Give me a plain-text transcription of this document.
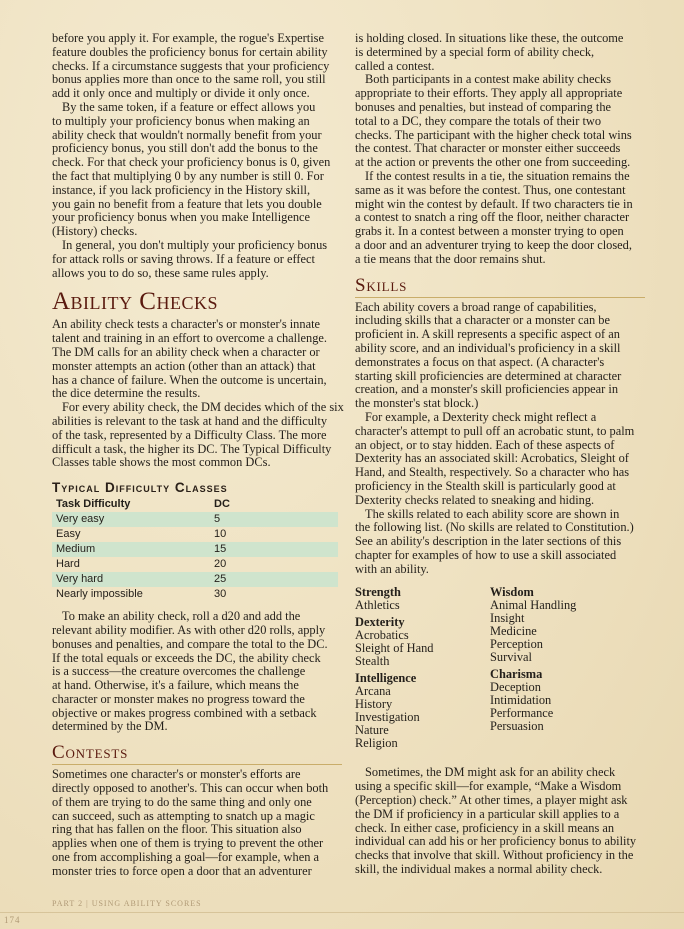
before you apply it. For example, the rogue's Expertise
feature doubles the proficiency bonus for certain ability
checks. If a circumstance suggests that your proficiency
bonus applies more than once to the same roll, you still
add it only once and multiply or divide it only once.

By the same token, if a feature or effect allows you
to multiply your proficiency bonus when making an
ability check that wouldn't normally benefit from your
proficiency bonus, you still don't add the bonus to the
check. For that check your proficiency bonus is 0, given
the fact that multiplying 0 by any number is still 0. For
instance, if you lack proficiency in the History skill,
you gain no benefit from a feature that lets you double
your proficiency bonus when you make Intelligence
(History) checks.

In general, you don't multiply your proficiency bonus
for attack rolls or saving throws. If a feature or effect
allows you to do so, these same rules apply.

Ability Checks

An ability check tests a character's or monster's innate
talent and training in an effort to overcome a challenge.
The DM calls for an ability check when a character or
monster attempts an action (other than an attack) that
has a chance of failure. When the outcome is uncertain,
the dice determine the results.

For every ability check, the DM decides which of the six
abilities is relevant to the task at hand and the difficulty
of the task, represented by a Difficulty Class. The more
difficult a task, the higher its DC. The Typical Difficulty
Classes table shows the most common DCs.

Typical Difficulty Classes
Task Difficulty	DC
Very easy	5
Easy	10
Medium	15
Hard	20
Very hard	25
Nearly impossible	30

To make an ability check, roll a d20 and add the
relevant ability modifier. As with other d20 rolls, apply
bonuses and penalties, and compare the total to the DC.
If the total equals or exceeds the DC, the ability check
is a success—the creature overcomes the challenge
at hand. Otherwise, it's a failure, which means the
character or monster makes no progress toward the
objective or makes progress combined with a setback
determined by the DM.

Contests

Sometimes one character's or monster's efforts are
directly opposed to another's. This can occur when both
of them are trying to do the same thing and only one
can succeed, such as attempting to snatch up a magic
ring that has fallen on the floor. This situation also
applies when one of them is trying to prevent the other
one from accomplishing a goal—for example, when a
monster tries to force open a door that an adventurer

is holding closed. In situations like these, the outcome
is determined by a special form of ability check,
called a contest.

Both participants in a contest make ability checks
appropriate to their efforts. They apply all appropriate
bonuses and penalties, but instead of comparing the
total to a DC, they compare the totals of their two
checks. The participant with the higher check total wins
the contest. That character or monster either succeeds
at the action or prevents the other one from succeeding.

If the contest results in a tie, the situation remains the
same as it was before the contest. Thus, one contestant
might win the contest by default. If two characters tie in
a contest to snatch a ring off the floor, neither character
grabs it. In a contest between a monster trying to open
a door and an adventurer trying to keep the door closed,
a tie means that the door remains shut.

Skills

Each ability covers a broad range of capabilities,
including skills that a character or a monster can be
proficient in. A skill represents a specific aspect of an
ability score, and an individual's proficiency in a skill
demonstrates a focus on that aspect. (A character's
starting skill proficiencies are determined at character
creation, and a monster's skill proficiencies appear in
the monster's stat block.)

For example, a Dexterity check might reflect a
character's attempt to pull off an acrobatic stunt, to palm
an object, or to stay hidden. Each of these aspects of
Dexterity has an associated skill: Acrobatics, Sleight of
Hand, and Stealth, respectively. So a character who has
proficiency in the Stealth skill is particularly good at
Dexterity checks related to sneaking and hiding.

The skills related to each ability score are shown in
the following list. (No skills are related to Constitution.)
See an ability's description in the later sections of this
chapter for examples of how to use a skill associated
with an ability.

Strength
Athletics
Dexterity
Acrobatics
Sleight of Hand
Stealth
Intelligence
Arcana
History
Investigation
Nature
Religion
Wisdom
Animal Handling
Insight
Medicine
Perception
Survival
Charisma
Deception
Intimidation
Performance
Persuasion

Sometimes, the DM might ask for an ability check
using a specific skill—for example, “Make a Wisdom
(Perception) check.” At other times, a player might ask
the DM if proficiency in a particular skill applies to a
check. In either case, proficiency in a skill means an
individual can add his or her proficiency bonus to ability
checks that involve that skill. Without proficiency in the
skill, the individual makes a normal ability check.

PART 2 | USING ABILITY SCORES
174
